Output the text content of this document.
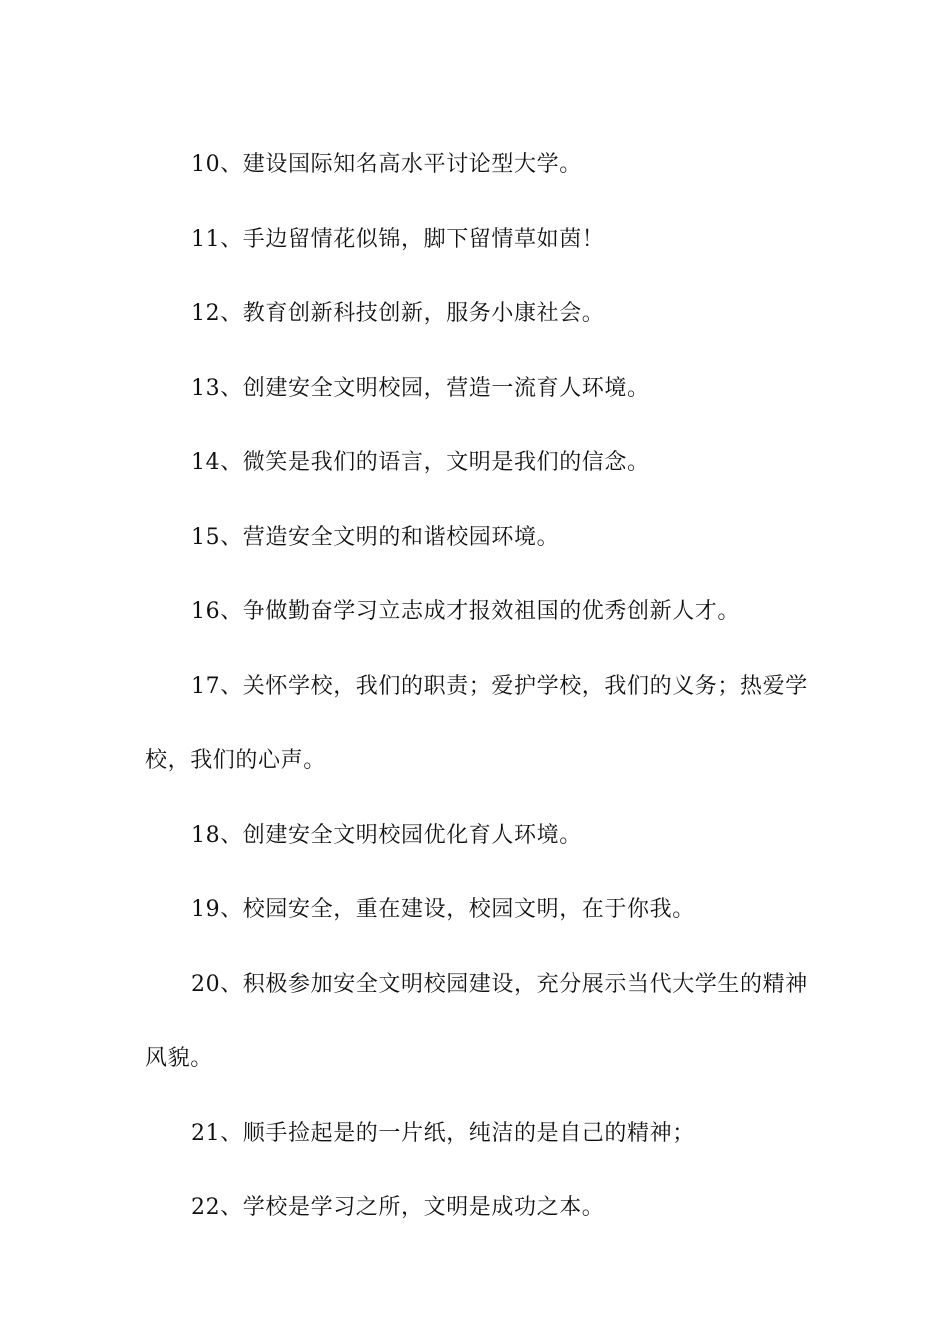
10、建设国际知名高水平讨论型大学。

11、手边留情花似锦，脚下留情草如茵！

12、教育创新科技创新，服务小康社会。

13、创建安全文明校园，营造一流育人环境。

14、微笑是我们的语言，文明是我们的信念。

15、营造安全文明的和谐校园环境。

16、争做勤奋学习立志成才报效祖国的优秀创新人才。

17、关怀学校，我们的职责；爱护学校，我们的义务；热爱学校，我们的心声。

18、创建安全文明校园优化育人环境。

19、校园安全，重在建设，校园文明，在于你我。

20、积极参加安全文明校园建设，充分展示当代大学生的精神风貌。

21、顺手捡起是的一片纸，纯洁的是自己的精神；

22、学校是学习之所，文明是成功之本。
